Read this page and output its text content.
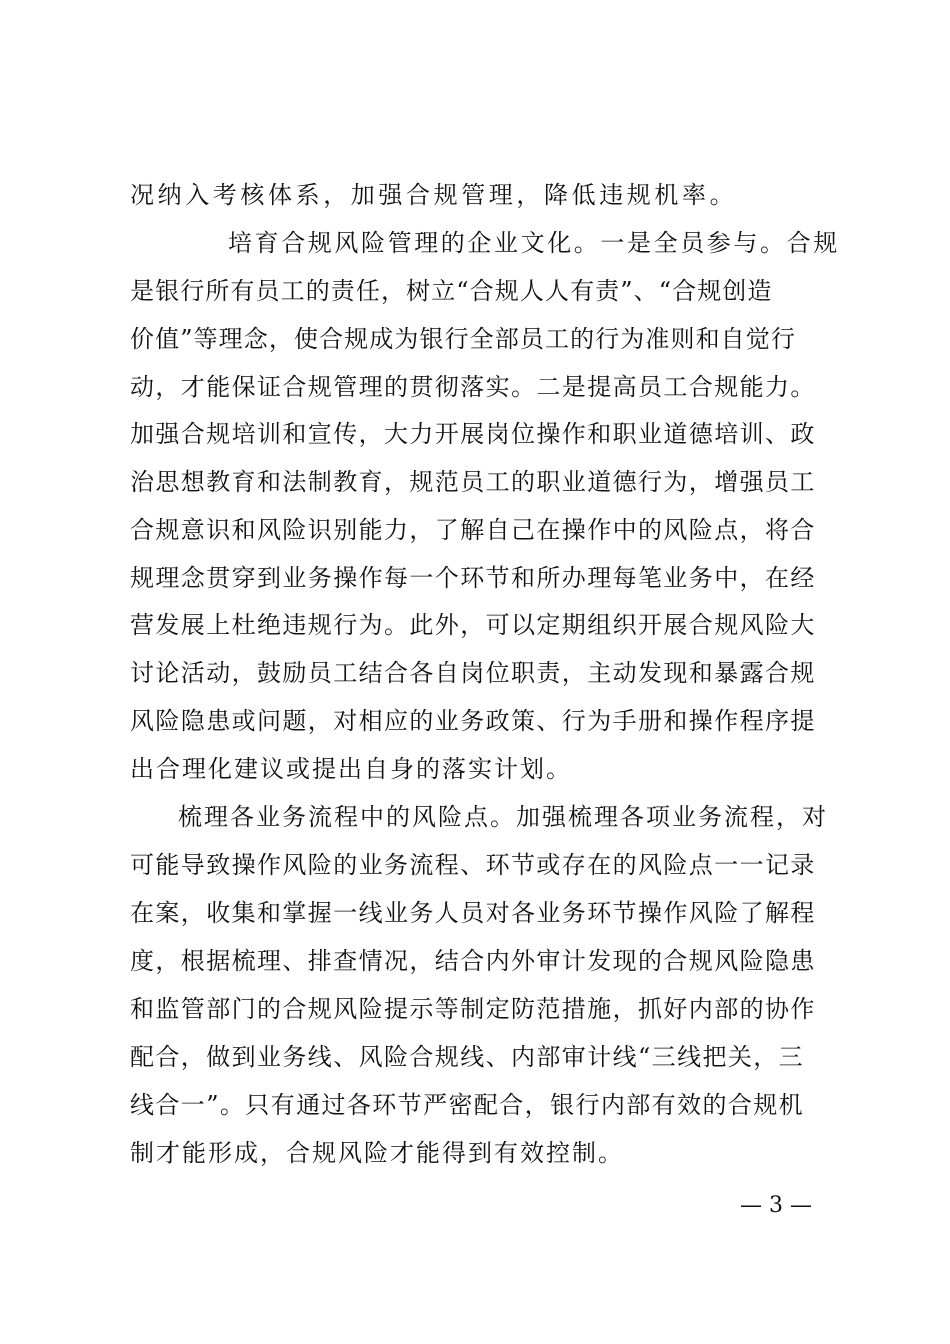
况纳入考核体系，加强合规管理，降低违规机率。
培育合规风险管理的企业文化。一是全员参与。合规
是银行所有员工的责任，树立“合规人人有责”、“合规创造
价值”等理念，使合规成为银行全部员工的行为准则和自觉行
动，才能保证合规管理的贯彻落实。二是提高员工合规能力。
加强合规培训和宣传，大力开展岗位操作和职业道德培训、政
治思想教育和法制教育，规范员工的职业道德行为，增强员工
合规意识和风险识别能力，了解自己在操作中的风险点，将合
规理念贯穿到业务操作每一个环节和所办理每笔业务中，在经
营发展上杜绝违规行为。此外，可以定期组织开展合规风险大
讨论活动，鼓励员工结合各自岗位职责，主动发现和暴露合规
风险隐患或问题，对相应的业务政策、行为手册和操作程序提
出合理化建议或提出自身的落实计划。
梳理各业务流程中的风险点。加强梳理各项业务流程，对
可能导致操作风险的业务流程、环节或存在的风险点一一记录
在案，收集和掌握一线业务人员对各业务环节操作风险了解程
度，根据梳理、排查情况，结合内外审计发现的合规风险隐患
和监管部门的合规风险提示等制定防范措施，抓好内部的协作
配合，做到业务线、风险合规线、内部审计线“三线把关，三
线合一”。只有通过各环节严密配合，银行内部有效的合规机
制才能形成，合规风险才能得到有效控制。
— 3 —
